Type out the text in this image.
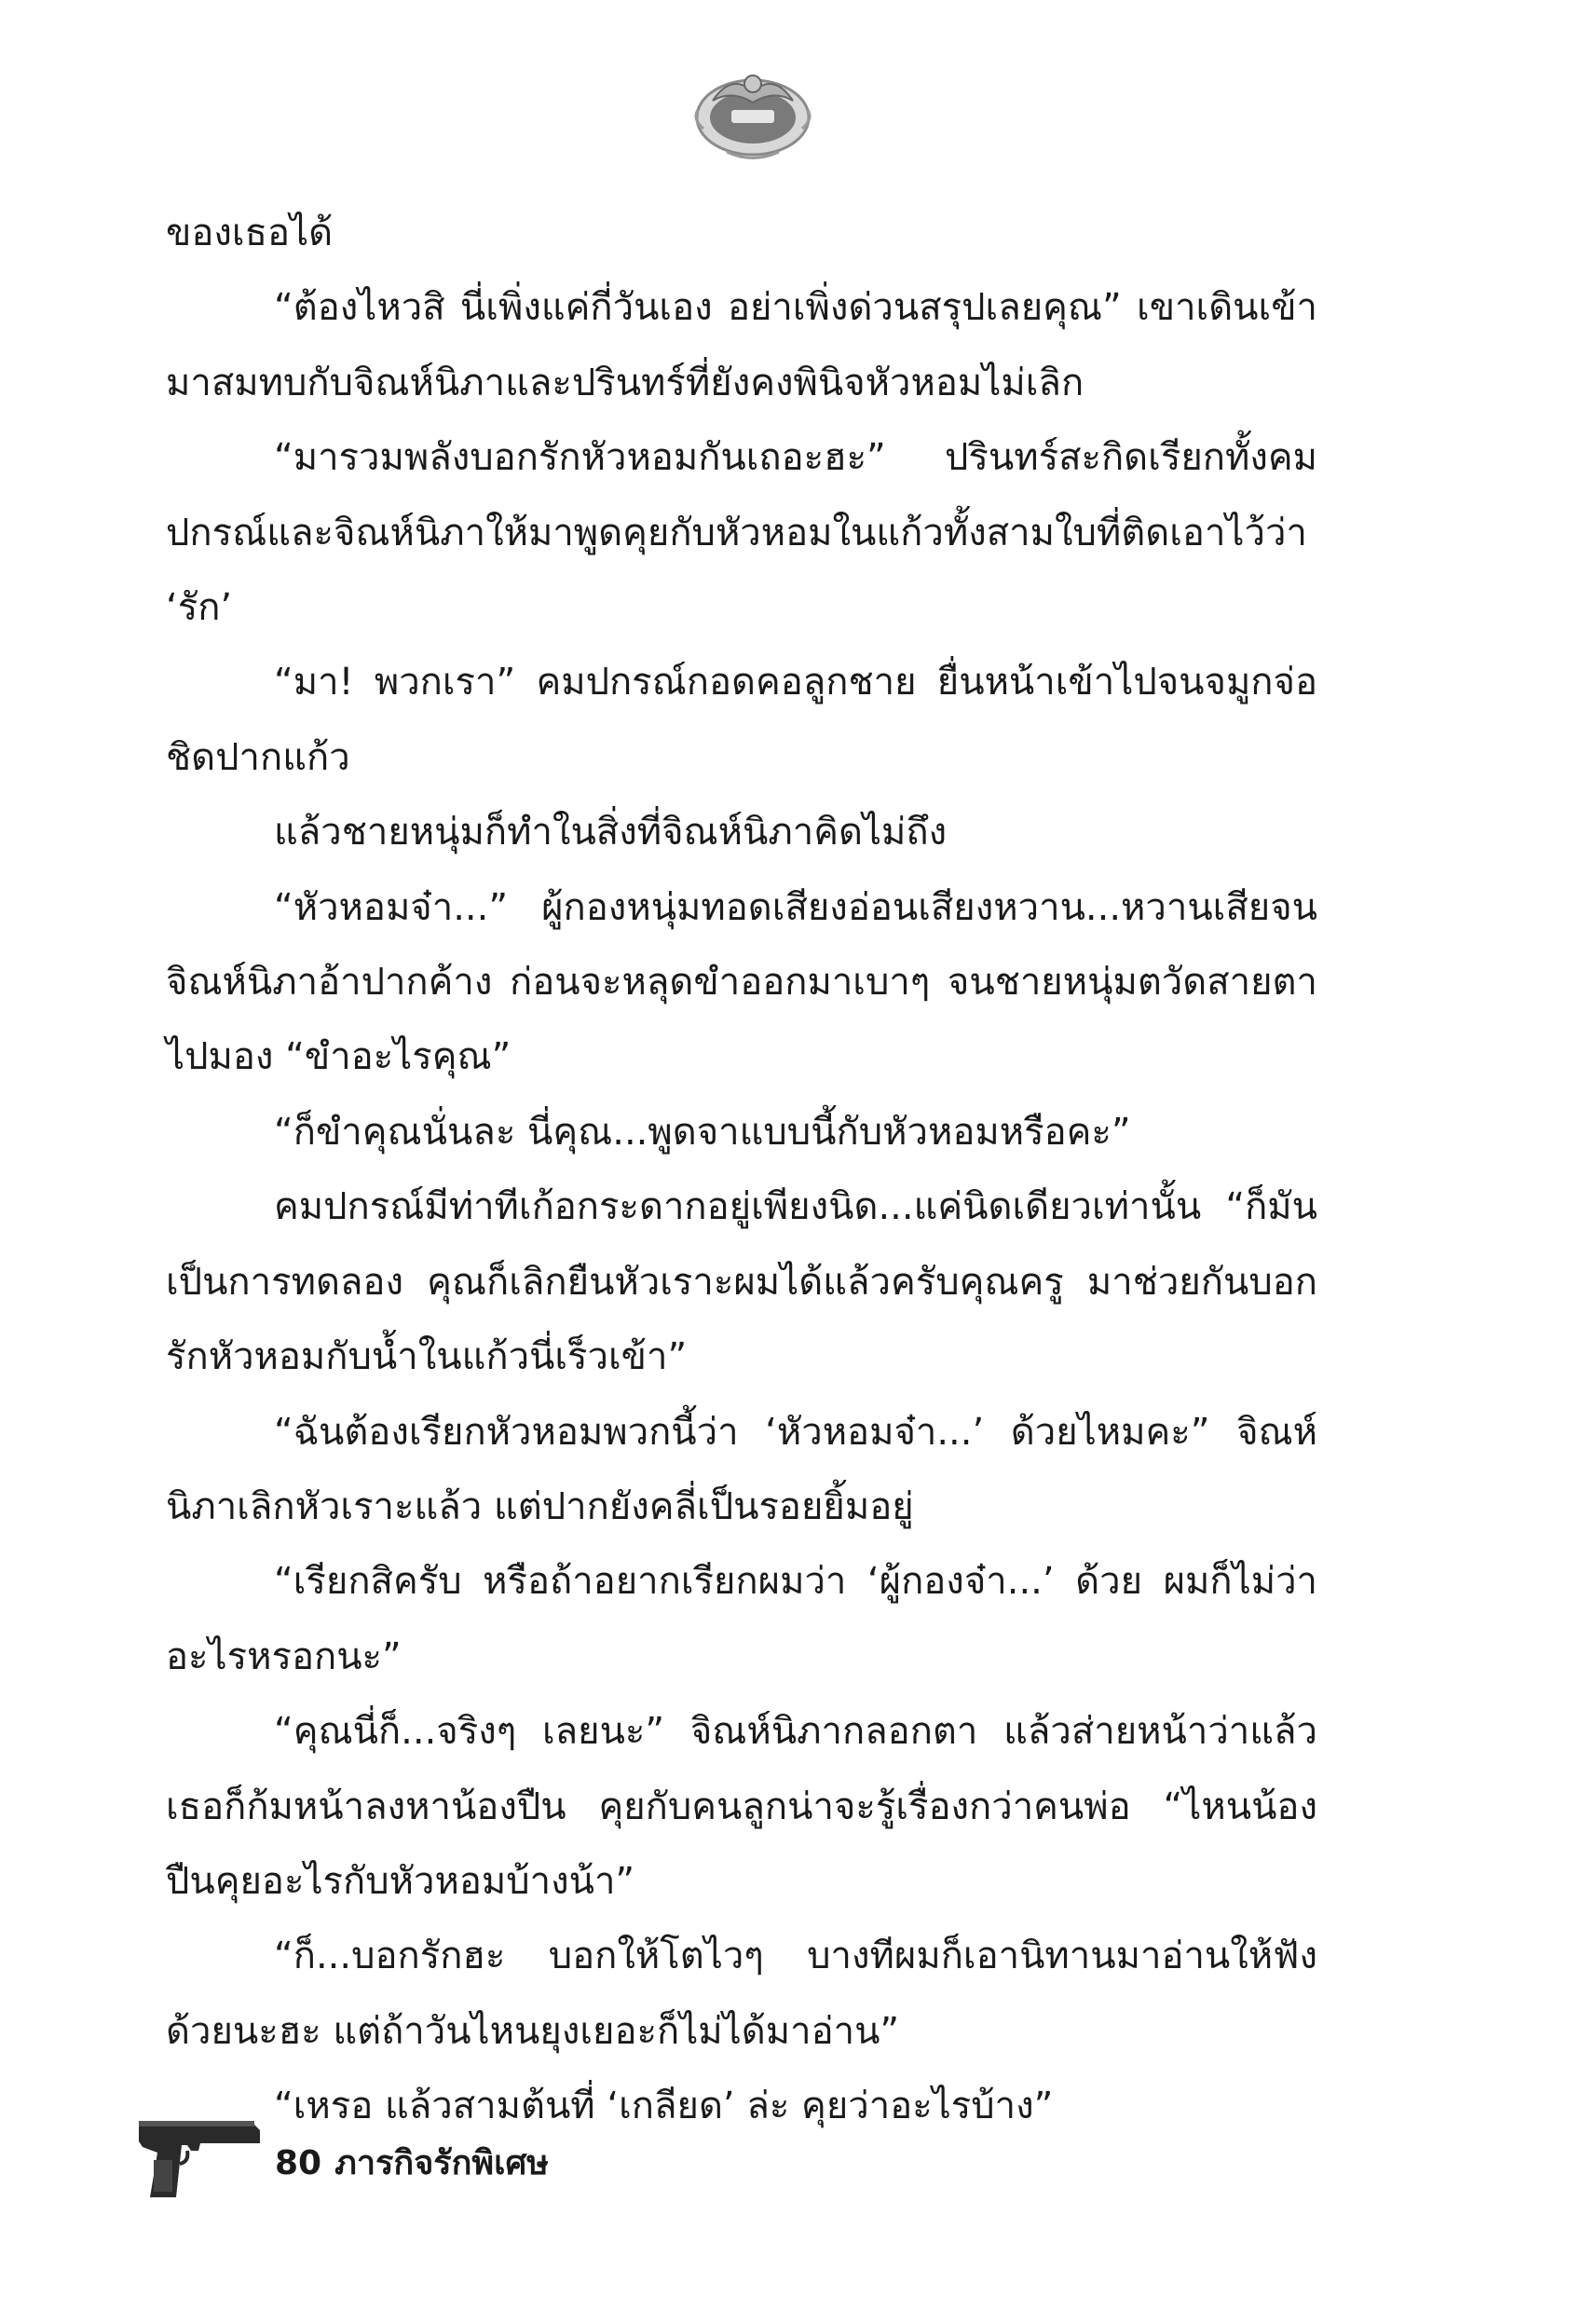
ของเธอได้

“ต้องไหวสิ นี่เพิ่งแค่กี่วันเอง อย่าเพิ่งด่วนสรุปเลยคุณ” เขาเดินเข้ามาสมทบกับจิณห์นิภาและปรินทร์ที่ยังคงพินิจหัวหอมไม่เลิก

“มารวมพลังบอกรักหัวหอมกันเถอะฮะ” ปรินทร์สะกิดเรียกทั้งคมปกรณ์และจิณห์นิภาให้มาพูดคุยกับหัวหอมในแก้วทั้งสามใบที่ติดเอาไว้ว่า ‘รัก’

“มา! พวกเรา” คมปกรณ์กอดคอลูกชาย ยื่นหน้าเข้าไปจนจมูกจ่อชิดปากแก้ว

แล้วชายหนุ่มก็ทำในสิ่งที่จิณห์นิภาคิดไม่ถึง

“หัวหอมจ๋า...” ผู้กองหนุ่มทอดเสียงอ่อนเสียงหวาน...หวานเสียจนจิณห์นิภาอ้าปากค้าง ก่อนจะหลุดขำออกมาเบาๆ จนชายหนุ่มตวัดสายตาไปมอง “ขำอะไรคุณ”

“ก็ขำคุณนั่นละ นี่คุณ...พูดจาแบบนี้กับหัวหอมหรือคะ”

คมปกรณ์มีท่าทีเก้อกระดากอยู่เพียงนิด...แค่นิดเดียวเท่านั้น “ก็มันเป็นการทดลอง คุณก็เลิกยืนหัวเราะผมได้แล้วครับคุณครู มาช่วยกันบอกรักหัวหอมกับน้ำในแก้วนี่เร็วเข้า”

“ฉันต้องเรียกหัวหอมพวกนี้ว่า ‘หัวหอมจ๋า...’ ด้วยไหมคะ” จิณห์นิภาเลิกหัวเราะแล้ว แต่ปากยังคลี่เป็นรอยยิ้มอยู่

“เรียกสิครับ หรือถ้าอยากเรียกผมว่า ‘ผู้กองจ๋า...’ ด้วย ผมก็ไม่ว่าอะไรหรอกนะ”

“คุณนี่ก็...จริงๆ เลยนะ” จิณห์นิภากลอกตา แล้วส่ายหน้าว่าแล้วเธอก็ก้มหน้าลงหาน้องปืน คุยกับคนลูกน่าจะรู้เรื่องกว่าคนพ่อ “ไหนน้องปืนคุยอะไรกับหัวหอมบ้างน้า”

“ก็...บอกรักฮะ บอกให้โตไวๆ บางทีผมก็เอานิทานมาอ่านให้ฟังด้วยนะฮะ แต่ถ้าวันไหนยุงเยอะก็ไม่ได้มาอ่าน”

“เหรอ แล้วสามต้นที่ ‘เกลียด’ ล่ะ คุยว่าอะไรบ้าง”

80 ภารกิจรักพิเศษ
